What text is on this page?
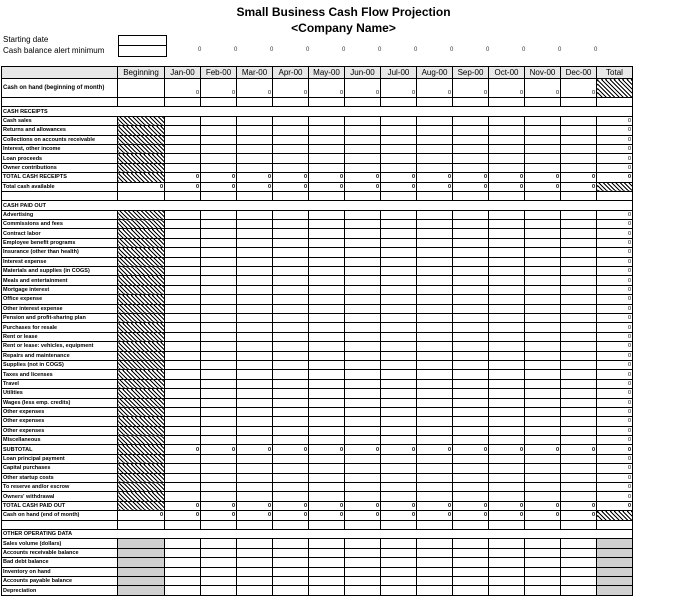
Small Business Cash Flow Projection
<Company Name>
Starting date
Cash balance alert minimum	0	0	0	0	0	0	0	0	0	0	0	0
	Beginning	Jan-00	Feb-00	Mar-00	Apr-00	May-00	Jun-00	Jul-00	Aug-00	Sep-00	Oct-00	Nov-00	Dec-00	Total
Cash on hand (beginning of month)		0	0	0	0	0	0	0	0	0	0	0	0	

CASH RECEIPTS														
Cash sales														0
Returns and allowances														0
Collections on accounts receivable														0
Interest, other income														0
Loan proceeds														0
Owner contributions														0
TOTAL CASH RECEIPTS		0	0	0	0	0	0	0	0	0	0	0	0	0
Total cash available	0	0	0	0	0	0	0	0	0	0	0	0	0	

CASH PAID OUT														
Advertising														0
Commissions and fees														0
Contract labor														0
Employee benefit programs														0
Insurance (other than health)														0
Interest expense														0
Materials and supplies (in COGS)														0
Meals and entertainment														0
Mortgage interest														0
Office expense														0
Other interest expense														0
Pension and profit-sharing plan														0
Purchases for resale														0
Rent or lease														0
Rent or lease: vehicles, equipment														0
Repairs and maintenance														0
Supplies (not in COGS)														0
Taxes and licenses														0
Travel														0
Utilities														0
Wages (less emp. credits)														0
Other expenses														0
Other expenses														0
Other expenses														0
Miscellaneous														0
SUBTOTAL		0	0	0	0	0	0	0	0	0	0	0	0	0
Loan principal payment														0
Capital purchases														0
Other startup costs														0
To reserve and/or escrow														0
Owners' withdrawal														0
TOTAL CASH PAID OUT		0	0	0	0	0	0	0	0	0	0	0	0	0
Cash on hand (end of month)	0	0	0	0	0	0	0	0	0	0	0	0	0	

OTHER OPERATING DATA														
Sales volume (dollars)														
Accounts receivable balance														
Bad debt balance														
Inventory on hand														
Accounts payable balance														
Depreciation														
